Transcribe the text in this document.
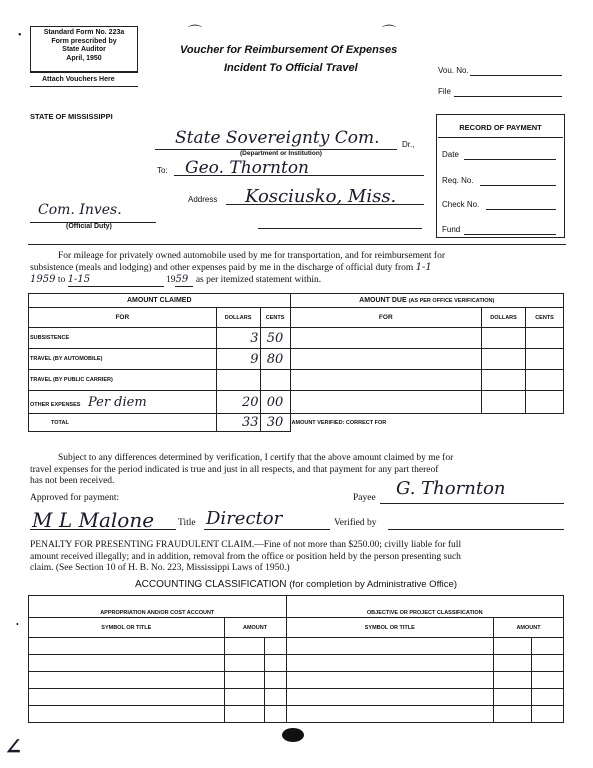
Standard Form No. 223a
Form prescribed by
State Auditor
April, 1950
Attach Vouchers Here
•
Voucher for Reimbursement Of Expenses
Incident To Official Travel
⌒	⌒
Vou. No.
File
STATE OF MISSISSIPPI
State Sovereignty Com.	Dr.,
(Department or Institution)
To: Geo. Thornton
Address Kosciusko, Miss.
Com. Inves.
(Official Duty)
RECORD OF PAYMENT
Date
Req. No.
Check No.
Fund
For mileage for privately owned automobile used by me for transportation, and for reimbursement for
subsistence (meals and lodging) and other expenses paid by me in the discharge of official duty from 1-1
1959 to 1-15	1959 as per itemized statement within.
AMOUNT CLAIMED			AMOUNT DUE (AS PER OFFICE VERIFICATION)		
FOR	DOLLARS	CENTS	FOR	DOLLARS	CENTS
SUBSISTENCE	3	50			
TRAVEL (BY AUTOMOBILE)	9	80			
TRAVEL (BY PUBLIC CARRIER)					
OTHER EXPENSES Per diem	20	00			
TOTAL	33	30	AMOUNT VERIFIED: CORRECT FOR		
Subject to any differences determined by verification, I certify that the above amount claimed by me for
travel expenses for the period indicated is true and just in all respects, and that payment for any part thereof
has not been received.
Approved for payment:	Payee G. Thornton
M L Malone	Title Director	Verified by
PENALTY FOR PRESENTING FRAUDULENT CLAIM.—Fine of not more than $250.00; civilly liable for full
amount received illegally; and in addition, removal from the office or position held by the person presenting such
claim. (See Section 10 of H. B. No. 223, Mississippi Laws of 1950.)
ACCOUNTING CLASSIFICATION (for completion by Administrative Office)
APPROPRIATION AND/OR COST ACCOUNT			OBJECTIVE OR PROJECT CLASSIFICATION		
SYMBOL OR TITLE	AMOUNT		SYMBOL OR TITLE	AMOUNT	

∠
•
